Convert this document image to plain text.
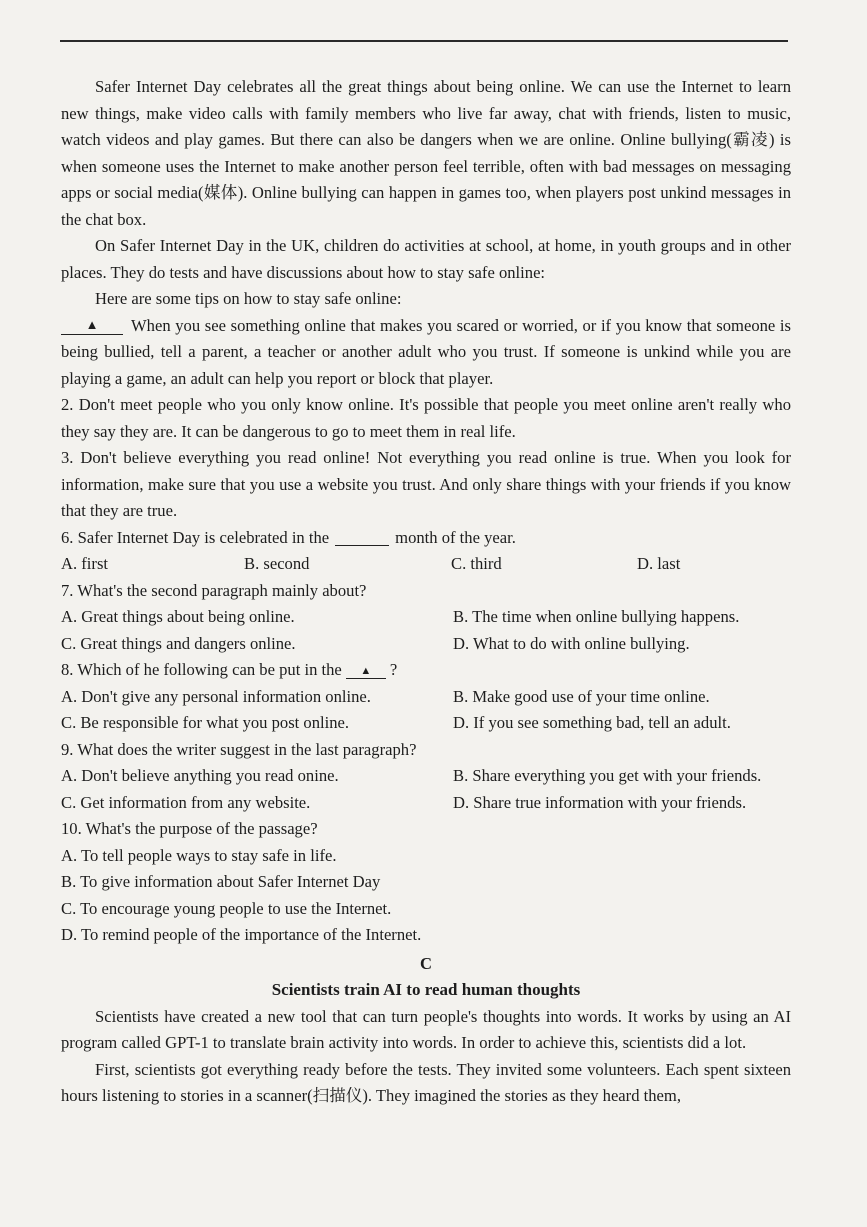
Safer Internet Day celebrates all the great things about being online. We can use the Internet to learn new things, make video calls with family members who live far away, chat with friends, listen to music, watch videos and play games. But there can also be dangers when we are online. Online bullying(霸凌) is when someone uses the Internet to make another person feel terrible, often with bad messages on messaging apps or social media(媒体). Online bullying can happen in games too, when players post unkind messages in the chat box.

On Safer Internet Day in the UK, children do activities at school, at home, in youth groups and in other places. They do tests and have discussions about how to stay safe online:

Here are some tips on how to stay safe online:

▲ When you see something online that makes you scared or worried, or if you know that someone is being bullied, tell a parent, a teacher or another adult who you trust. If someone is unkind while you are playing a game, an adult can help you report or block that player.

2. Don't meet people who you only know online. It's possible that people you meet online aren't really who they say they are. It can be dangerous to go to meet them in real life.

3. Don't believe everything you read online! Not everything you read online is true. When you look for information, make sure that you use a website you trust. And only share things with your friends if you know that they are true.

6. Safer Internet Day is celebrated in the	month of the year.

A. first	B. second	C. third	D. last

7. What's the second paragraph mainly about?

A. Great things about being online.	B. The time when online bullying happens.
C. Great things and dangers online.	D. What to do with online bullying.

8. Which of he following can be put in the ▲ ?

A. Don't give any personal information online.	B. Make good use of your time online.
C. Be responsible for what you post online.	D. If you see something bad, tell an adult.

9. What does the writer suggest in the last paragraph?

A. Don't believe anything you read onine.	B. Share everything you get with your friends.
C. Get information from any website.	D. Share true information with your friends.

10. What's the purpose of the passage?

A. To tell people ways to stay safe in life.
B. To give information about Safer Internet Day
C. To encourage young people to use the Internet.
D. To remind people of the importance of the Internet.
C
Scientists train AI to read human thoughts

Scientists have created a new tool that can turn people's thoughts into words. It works by using an AI program called GPT-1 to translate brain activity into words. In order to achieve this, scientists did a lot.

First, scientists got everything ready before the tests. They invited some volunteers. Each spent sixteen hours listening to stories in a scanner(扫描仪). They imagined the stories as they heard them,
